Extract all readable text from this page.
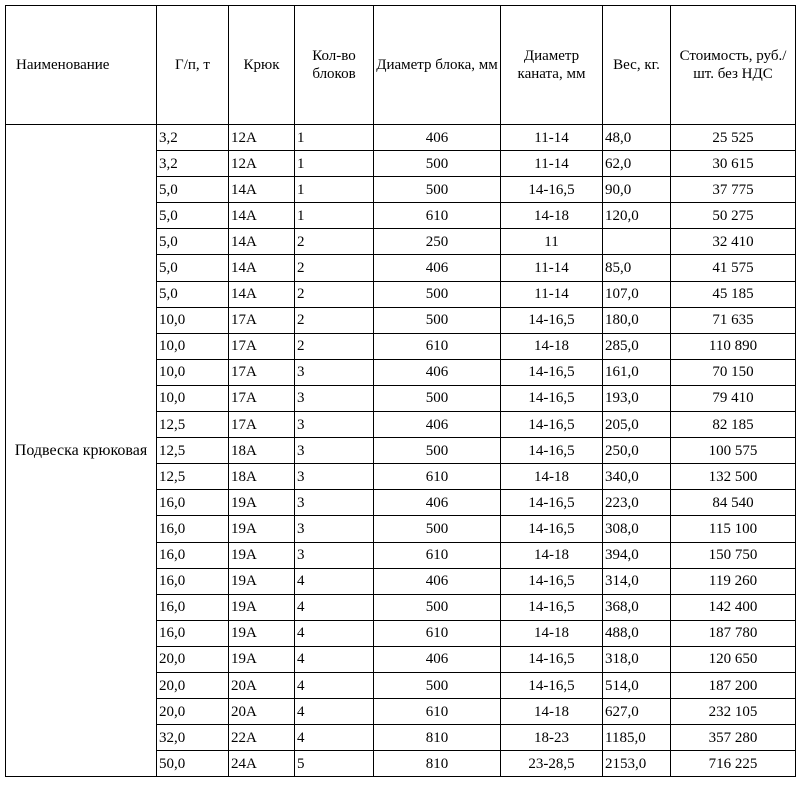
Наименование	Г/п, т	Крюк	Кол-во блоков	Диаметр блока, мм	Диаметр каната, мм	Вес, кг.	Стоимость, руб./шт. без НДС
Подвеска крюковая	3,2	12А	1	406	11-14	48,0	25 525
	3,2	12А	1	500	11-14	62,0	30 615
	5,0	14А	1	500	14-16,5	90,0	37 775
	5,0	14А	1	610	14-18	120,0	50 275
	5,0	14А	2	250	11		32 410
	5,0	14А	2	406	11-14	85,0	41 575
	5,0	14А	2	500	11-14	107,0	45 185
	10,0	17А	2	500	14-16,5	180,0	71 635
	10,0	17А	2	610	14-18	285,0	110 890
	10,0	17А	3	406	14-16,5	161,0	70 150
	10,0	17А	3	500	14-16,5	193,0	79 410
	12,5	17А	3	406	14-16,5	205,0	82 185
	12,5	18А	3	500	14-16,5	250,0	100 575
	12,5	18А	3	610	14-18	340,0	132 500
	16,0	19А	3	406	14-16,5	223,0	84 540
	16,0	19А	3	500	14-16,5	308,0	115 100
	16,0	19А	3	610	14-18	394,0	150 750
	16,0	19А	4	406	14-16,5	314,0	119 260
	16,0	19А	4	500	14-16,5	368,0	142 400
	16,0	19А	4	610	14-18	488,0	187 780
	20,0	19А	4	406	14-16,5	318,0	120 650
	20,0	20А	4	500	14-16,5	514,0	187 200
	20,0	20А	4	610	14-18	627,0	232 105
	32,0	22А	4	810	18-23	1185,0	357 280
	50,0	24А	5	810	23-28,5	2153,0	716 225
